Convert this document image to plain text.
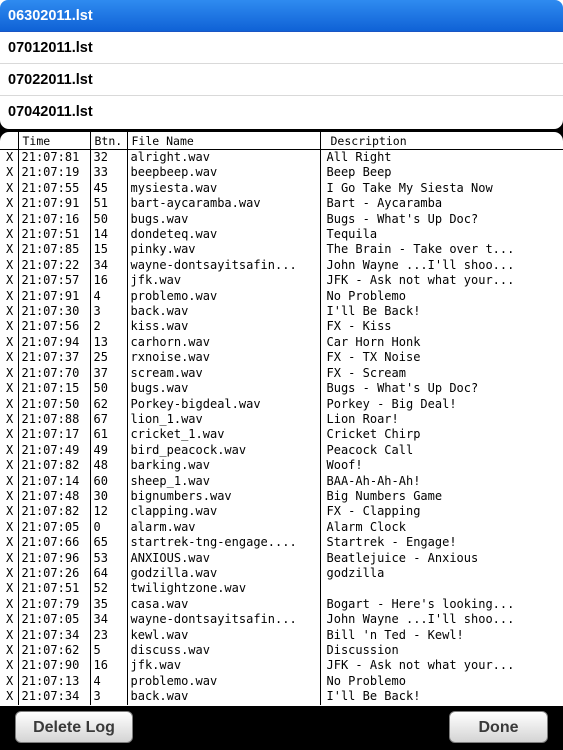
06302011.lst
07012011.lst
07022011.lst
07042011.lst
	Time	Btn.	File Name	Description
X	21:07:81	32	alright.wav	All Right
X	21:07:19	33	beepbeep.wav	Beep Beep
X	21:07:55	45	mysiesta.wav	I Go Take My Siesta Now
X	21:07:91	51	bart-aycaramba.wav	Bart - Aycaramba
X	21:07:16	50	bugs.wav	Bugs - What's Up Doc?
X	21:07:51	14	dondeteq.wav	Tequila
X	21:07:85	15	pinky.wav	The Brain - Take over t...
X	21:07:22	34	wayne-dontsayitsafin...	John Wayne ...I'll shoo...
X	21:07:57	16	jfk.wav	JFK - Ask not what your...
X	21:07:91	4	problemo.wav	No Problemo
X	21:07:30	3	back.wav	I'll Be Back!
X	21:07:56	2	kiss.wav	FX - Kiss
X	21:07:94	13	carhorn.wav	Car Horn Honk
X	21:07:37	25	rxnoise.wav	FX - TX Noise
X	21:07:70	37	scream.wav	FX - Scream
X	21:07:15	50	bugs.wav	Bugs - What's Up Doc?
X	21:07:50	62	Porkey-bigdeal.wav	Porkey - Big Deal!
X	21:07:88	67	lion_1.wav	Lion Roar!
X	21:07:17	61	cricket_1.wav	Cricket Chirp
X	21:07:49	49	bird_peacock.wav	Peacock Call
X	21:07:82	48	barking.wav	Woof!
X	21:07:14	60	sheep_1.wav	BAA-Ah-Ah-Ah!
X	21:07:48	30	bignumbers.wav	Big Numbers Game
X	21:07:82	12	clapping.wav	FX - Clapping
X	21:07:05	0	alarm.wav	Alarm Clock
X	21:07:66	65	startrek-tng-engage....	Startrek - Engage!
X	21:07:96	53	ANXIOUS.wav	Beatlejuice - Anxious
X	21:07:26	64	godzilla.wav	godzilla
X	21:07:51	52	twilightzone.wav	
X	21:07:79	35	casa.wav	Bogart - Here's looking...
X	21:07:05	34	wayne-dontsayitsafin...	John Wayne ...I'll shoo...
X	21:07:34	23	kewl.wav	Bill 'n Ted - Kewl!
X	21:07:62	5	discuss.wav	Discussion
X	21:07:90	16	jfk.wav	JFK - Ask not what your...
X	21:07:13	4	problemo.wav	No Problemo
X	21:07:34	3	back.wav	I'll Be Back!
Delete Log	Done
